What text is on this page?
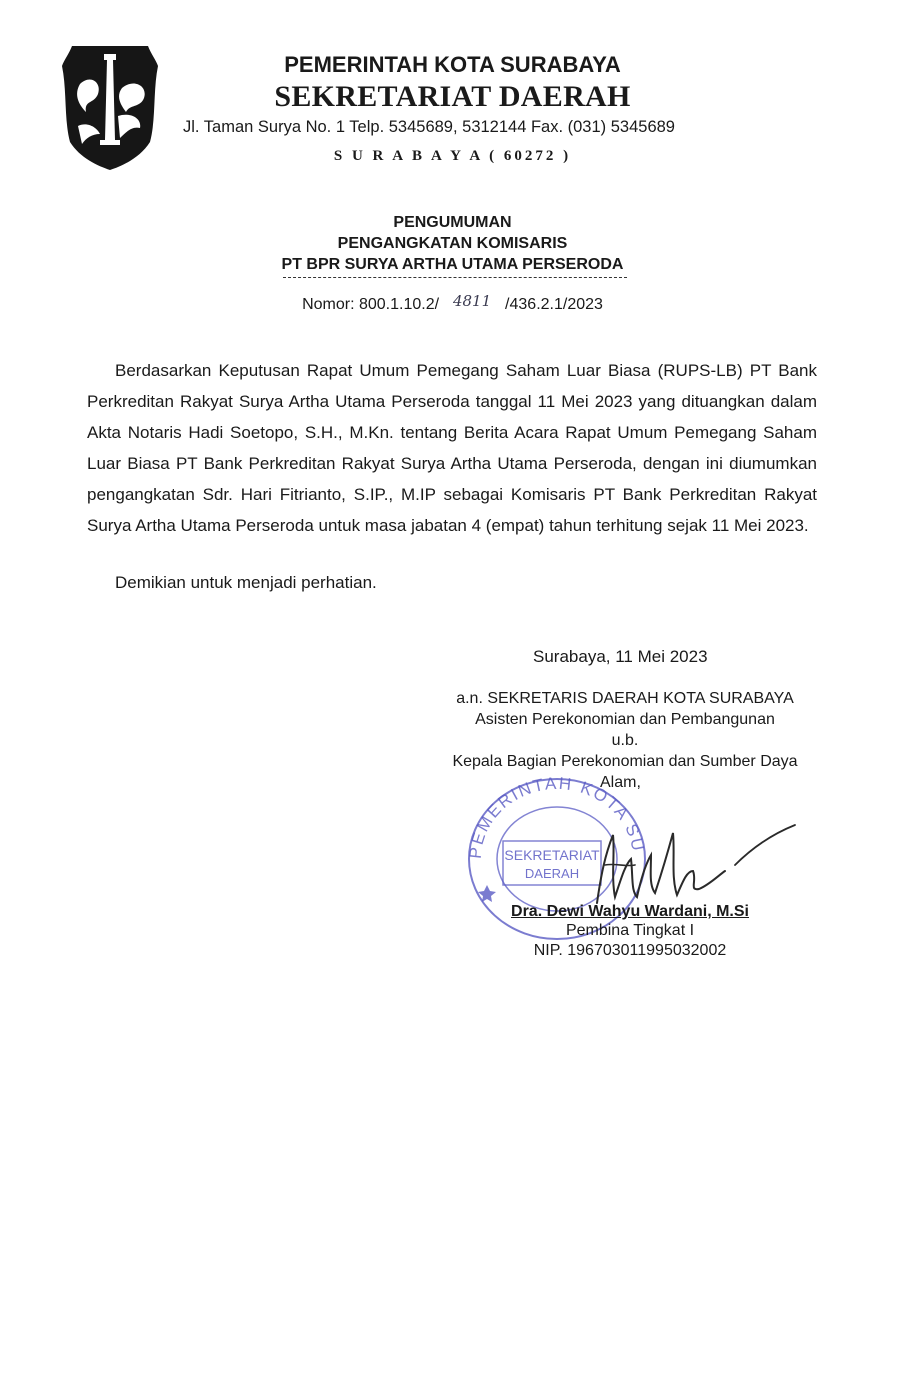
PEMERINTAH KOTA SURABAYA
SEKRETARIAT DAERAH
Jl. Taman Surya No. 1 Telp. 5345689, 5312144 Fax. (031) 5345689
S U R A B A Y A ( 60272 )
PENGUMUMAN
PENGANGKATAN KOMISARIS
PT BPR SURYA ARTHA UTAMA PERSERODA
Nomor: 800.1.10.2/ 4811 /436.2.1/2023
Berdasarkan Keputusan Rapat Umum Pemegang Saham Luar Biasa (RUPS-LB) PT Bank Perkreditan Rakyat Surya Artha Utama Perseroda tanggal 11 Mei 2023 yang dituangkan dalam Akta Notaris Hadi Soetopo, S.H., M.Kn. tentang Berita Acara Rapat Umum Pemegang Saham Luar Biasa PT Bank Perkreditan Rakyat Surya Artha Utama Perseroda, dengan ini diumumkan pengangkatan Sdr. Hari Fitrianto, S.IP., M.IP sebagai Komisaris PT Bank Perkreditan Rakyat Surya Artha Utama Perseroda untuk masa jabatan 4 (empat) tahun terhitung sejak 11 Mei 2023.
Demikian untuk menjadi perhatian.
Surabaya, 11 Mei 2023
a.n. SEKRETARIS DAERAH KOTA SURABAYA
Asisten Perekonomian dan Pembangunan
u.b.
Kepala Bagian Perekonomian dan Sumber Daya
Alam,
PEMERINTAH KOTA SU
SEKRETARIAT
DAERAH
Dra. Dewi Wahyu Wardani, M.Si
Pembina Tingkat I
NIP. 196703011995032002
